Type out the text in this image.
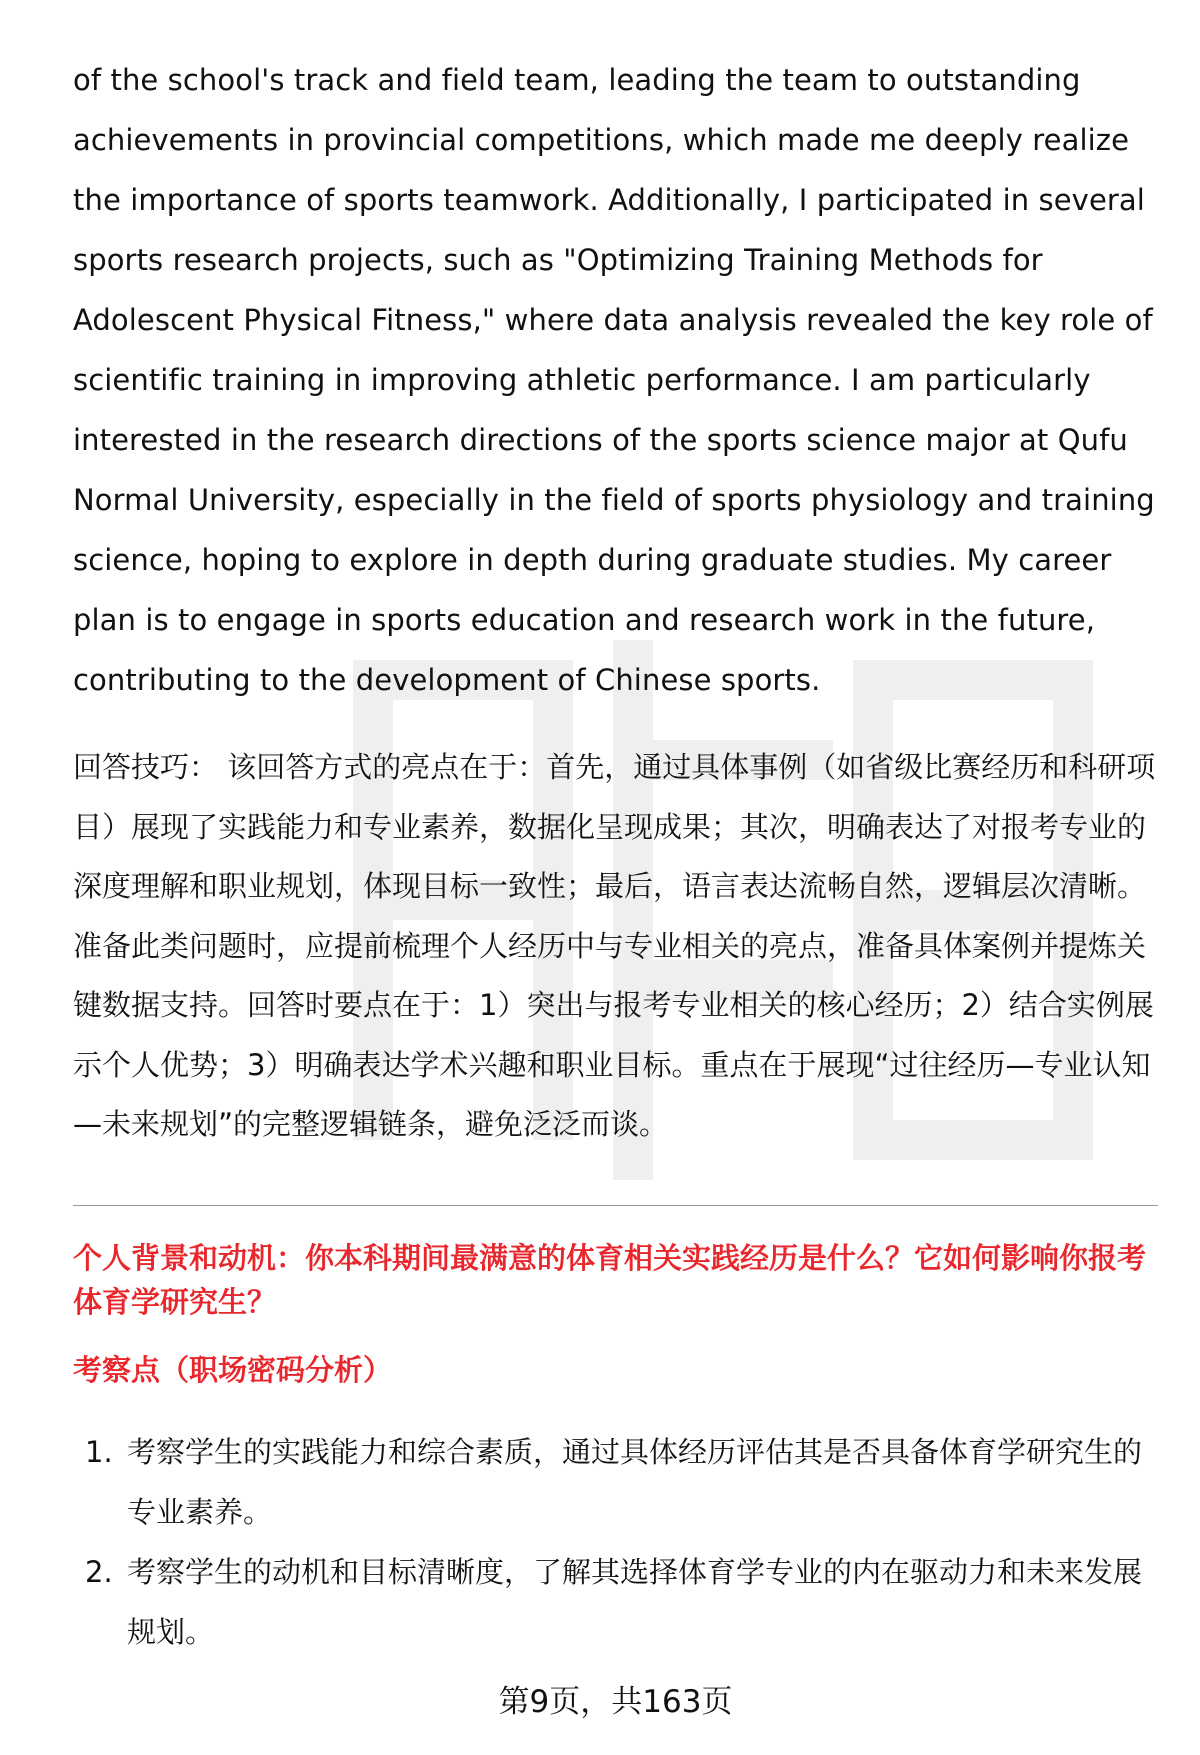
of the school's track and field team, leading the team to outstanding achievements in provincial competitions, which made me deeply realize the importance of sports teamwork. Additionally, I participated in several sports research projects, such as "Optimizing Training Methods for Adolescent Physical Fitness," where data analysis revealed the key role of scientific training in improving athletic performance. I am particularly interested in the research directions of the sports science major at Qufu Normal University, especially in the field of sports physiology and training science, hoping to explore in depth during graduate studies. My career plan is to engage in sports education and research work in the future, contributing to the development of Chinese sports.

回答技巧： 该回答方式的亮点在于：首先，通过具体事例（如省级比赛经历和科研项目）展现了实践能力和专业素养，数据化呈现成果；其次，明确表达了对报考专业的深度理解和职业规划，体现目标一致性；最后，语言表达流畅自然，逻辑层次清晰。准备此类问题时，应提前梳理个人经历中与专业相关的亮点，准备具体案例并提炼关键数据支持。回答时要点在于：1）突出与报考专业相关的核心经历；2）结合实例展示个人优势；3）明确表达学术兴趣和职业目标。重点在于展现“过往经历—专业认知—未来规划”的完整逻辑链条，避免泛泛而谈。

个人背景和动机：你本科期间最满意的体育相关实践经历是什么？它如何影响你报考体育学研究生？
考察点（职场密码分析）
1. 考察学生的实践能力和综合素质，通过具体经历评估其是否具备体育学研究生的专业素养。
2. 考察学生的动机和目标清晰度，了解其选择体育学专业的内在驱动力和未来发展规划。
第9页，共163页
